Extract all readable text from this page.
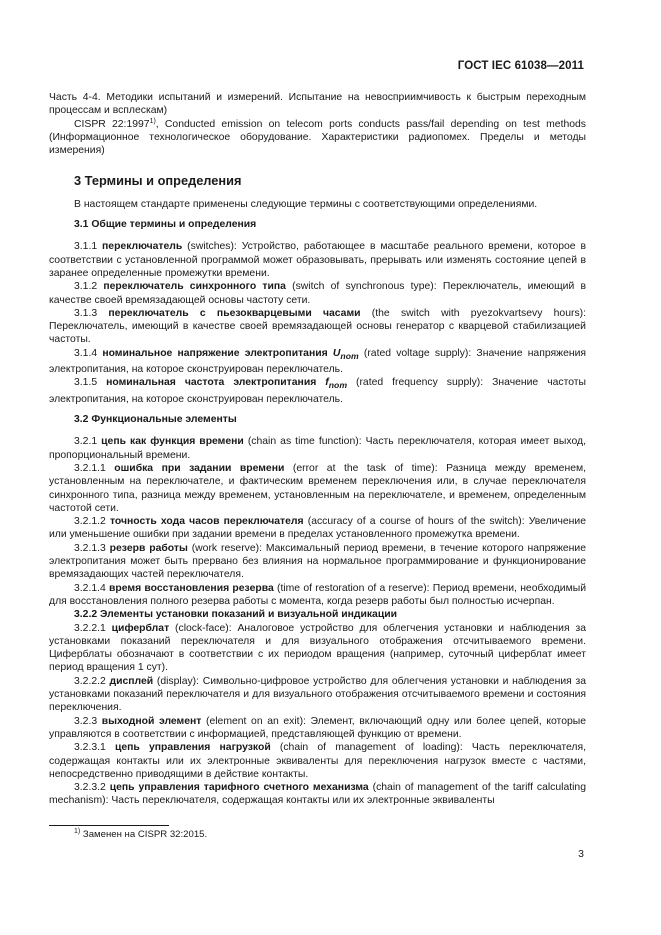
ГОСТ IEC 61038—2011

Часть 4-4. Методики испытаний и измерений. Испытание на невосприимчивость к быстрым переходным процессам и всплескам)

CISPR 22:1997$^{1)}$, Conducted emission on telecom ports conducts pass/fail depending on test methods (Информационное технологическое оборудование. Характеристики радиопомех. Пределы и методы измерения)

3 Термины и определения

В настоящем стандарте применены следующие термины с соответствующими определениями.

3.1 Общие термины и определения

3.1.1 переключатель (switches): Устройство, работающее в масштабе реального времени, которое в соответствии с установленной программой может образовывать, прерывать или изменять состояние цепей в заранее определенные промежутки времени.

3.1.2 переключатель синхронного типа (switch of synchronous type): Переключатель, имеющий в качестве своей времязадающей основы частоту сети.

3.1.3 переключатель с пьезокварцевыми часами (the switch with pyezokvartsevy hours): Переключатель, имеющий в качестве своей времязадающей основы генератор с кварцевой стабилизацией частоты.

3.1.4 номинальное напряжение электропитания $U_{nom}$ (rated voltage supply): Значение напряжения электропитания, на которое сконструирован переключатель.

3.1.5 номинальная частота электропитания $f_{nom}$ (rated frequency supply): Значение частоты электропитания, на которое сконструирован переключатель.

3.2 Функциональные элементы

3.2.1 цепь как функция времени (chain as time function): Часть переключателя, которая имеет выход, пропорциональный времени.

3.2.1.1 ошибка при задании времени (error at the task of time): Разница между временем, установленным на переключателе, и фактическим временем переключения или, в случае переключателя синхронного типа, разница между временем, установленным на переключателе, и временем, определенным частотой сети.

3.2.1.2 точность хода часов переключателя (accuracy of a course of hours of the switch): Увеличение или уменьшение ошибки при задании времени в пределах установленного промежутка времени.

3.2.1.3 резерв работы (work reserve): Максимальный период времени, в течение которого напряжение электропитания может быть прервано без влияния на нормальное программирование и функционирование времязадающих частей переключателя.

3.2.1.4 время восстановления резерва (time of restoration of a reserve): Период времени, необходимый для восстановления полного резерва работы с момента, когда резерв работы был полностью исчерпан.

3.2.2 Элементы установки показаний и визуальной индикации

3.2.2.1 циферблат (clock-face): Аналоговое устройство для облегчения установки и наблюдения за установками показаний переключателя и для визуального отображения отсчитываемого времени. Циферблаты обозначают в соответствии с их периодом вращения (например, суточный циферблат имеет период вращения 1 сут).

3.2.2.2 дисплей (display): Символьно-цифровое устройство для облегчения установки и наблюдения за установками показаний переключателя и для визуального отображения отсчитываемого времени и состояния переключения.

3.2.3 выходной элемент (element on an exit): Элемент, включающий одну или более цепей, которые управляются в соответствии с информацией, представляющей функцию от времени.

3.2.3.1 цепь управления нагрузкой (chain of management of loading): Часть переключателя, содержащая контакты или их электронные эквиваленты для переключения нагрузок вместе с частями, непосредственно приводящими в действие контакты.

3.2.3.2 цепь управления тарифного счетного механизма (chain of management of the tariff calculating mechanism): Часть переключателя, содержащая контакты или их электронные эквиваленты

$^{1)}$ Заменен на CISPR 32:2015.
3
